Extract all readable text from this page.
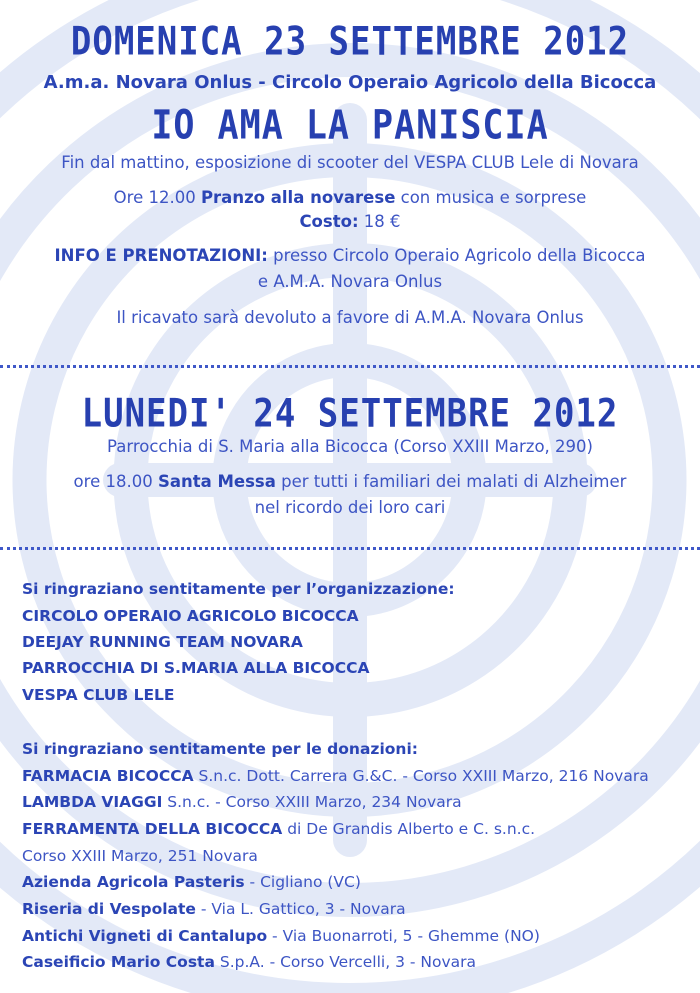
DOMENICA 23 SETTEMBRE 2012
A.m.a. Novara Onlus - Circolo Operaio Agricolo della Bicocca
IO AMA LA PANISCIA
Fin dal mattino, esposizione di scooter del VESPA CLUB Lele di Novara
Ore 12.00 Pranzo alla novarese con musica e sorprese
Costo: 18 €
INFO E PRENOTAZIONI: presso Circolo Operaio Agricolo della Bicocca
e A.M.A. Novara Onlus
Il ricavato sarà devoluto a favore di A.M.A. Novara Onlus
LUNEDI' 24 SETTEMBRE 2012
Parrocchia di S. Maria alla Bicocca (Corso XXIII Marzo, 290)
ore 18.00 Santa Messa per tutti i familiari dei malati di Alzheimer
nel ricordo dei loro cari
Si ringraziano sentitamente per l’organizzazione:
CIRCOLO OPERAIO AGRICOLO BICOCCA
DEEJAY RUNNING TEAM NOVARA
PARROCCHIA DI S.MARIA ALLA BICOCCA
VESPA CLUB LELE
Si ringraziano sentitamente per le donazioni:
FARMACIA BICOCCA S.n.c. Dott. Carrera G.&C. - Corso XXIII Marzo, 216 Novara
LAMBDA VIAGGI S.n.c. - Corso XXIII Marzo, 234 Novara
FERRAMENTA DELLA BICOCCA di De Grandis Alberto e C. s.n.c.
Corso XXIII Marzo, 251 Novara
Azienda Agricola Pasteris - Cigliano (VC)
Riseria di Vespolate - Via L. Gattico, 3 - Novara
Antichi Vigneti di Cantalupo - Via Buonarroti, 5 - Ghemme (NO)
Caseificio Mario Costa S.p.A. - Corso Vercelli, 3 - Novara
